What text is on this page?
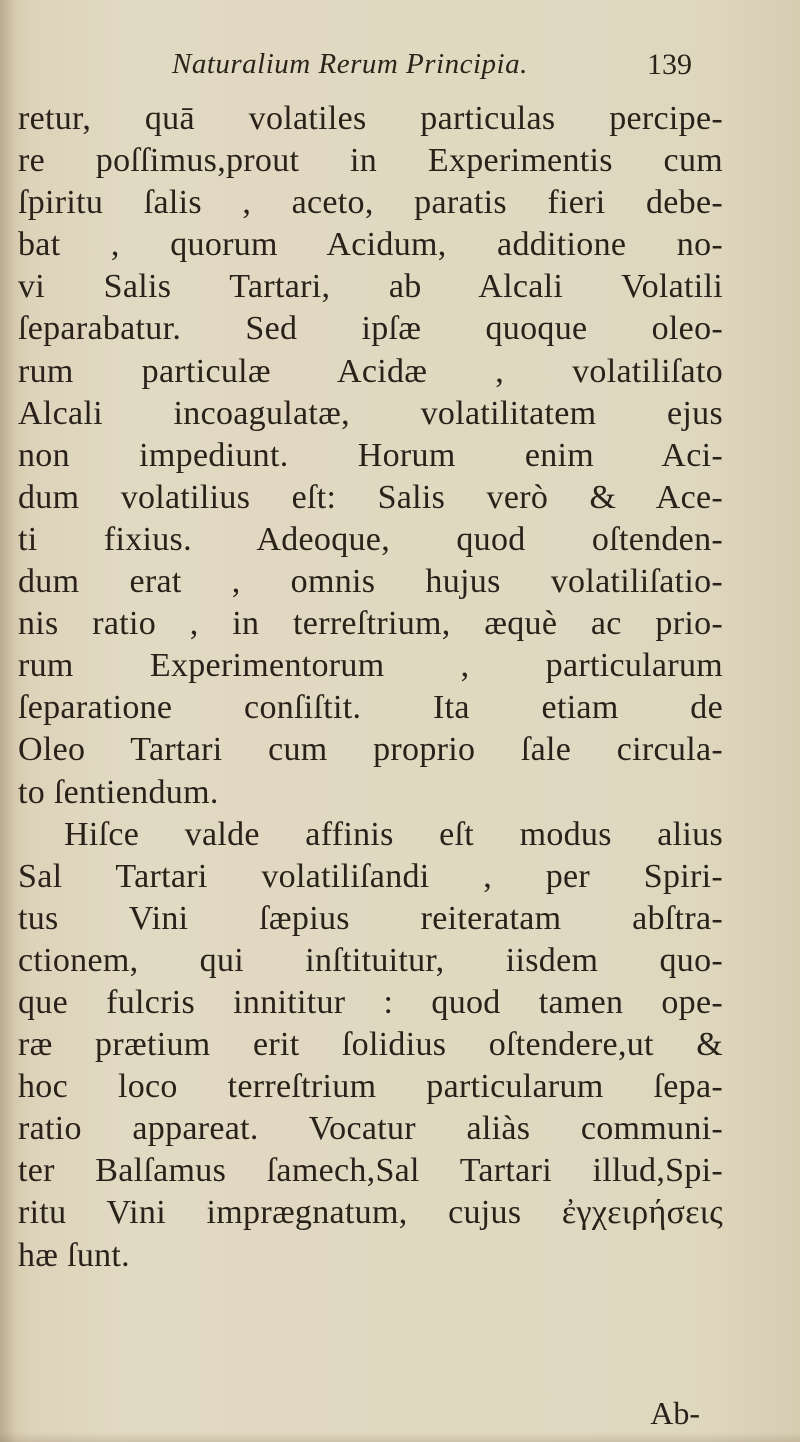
Naturalium Rerum Principia.	139
retur, quā volatiles particulas percipe-
re poſſimus,prout in Experimentis cum
ſpiritu ſalis , aceto, paratis fieri debe-
bat , quorum Acidum, additione no-
vi Salis Tartari, ab Alcali Volatili
ſeparabatur. Sed ipſæ quoque oleo-
rum particulæ Acidæ , volatiliſato
Alcali incoagulatæ, volatilitatem ejus
non impediunt. Horum enim Aci-
dum volatilius eſt: Salis verò & Ace-
ti fixius. Adeoque, quod oſtenden-
dum erat , omnis hujus volatiliſatio-
nis ratio , in terreſtrium, æquè ac prio-
rum Experimentorum , particularum
ſeparatione conſiſtit. Ita etiam de
Oleo Tartari cum proprio ſale circula-
to ſentiendum.
Hiſce valde affinis eſt modus alius
Sal Tartari volatiliſandi , per Spiri-
tus Vini ſæpius reiteratam abſtra-
ctionem, qui inſtituitur, iisdem quo-
que fulcris innititur : quod tamen ope-
ræ prætium erit ſolidius oſtendere,ut &
hoc loco terreſtrium particularum ſepa-
ratio appareat. Vocatur aliàs communi-
ter Balſamus ſamech,Sal Tartari illud,Spi-
ritu Vini imprægnatum, cujus ἐγχειρήσεις
hæ ſunt.
Ab-
